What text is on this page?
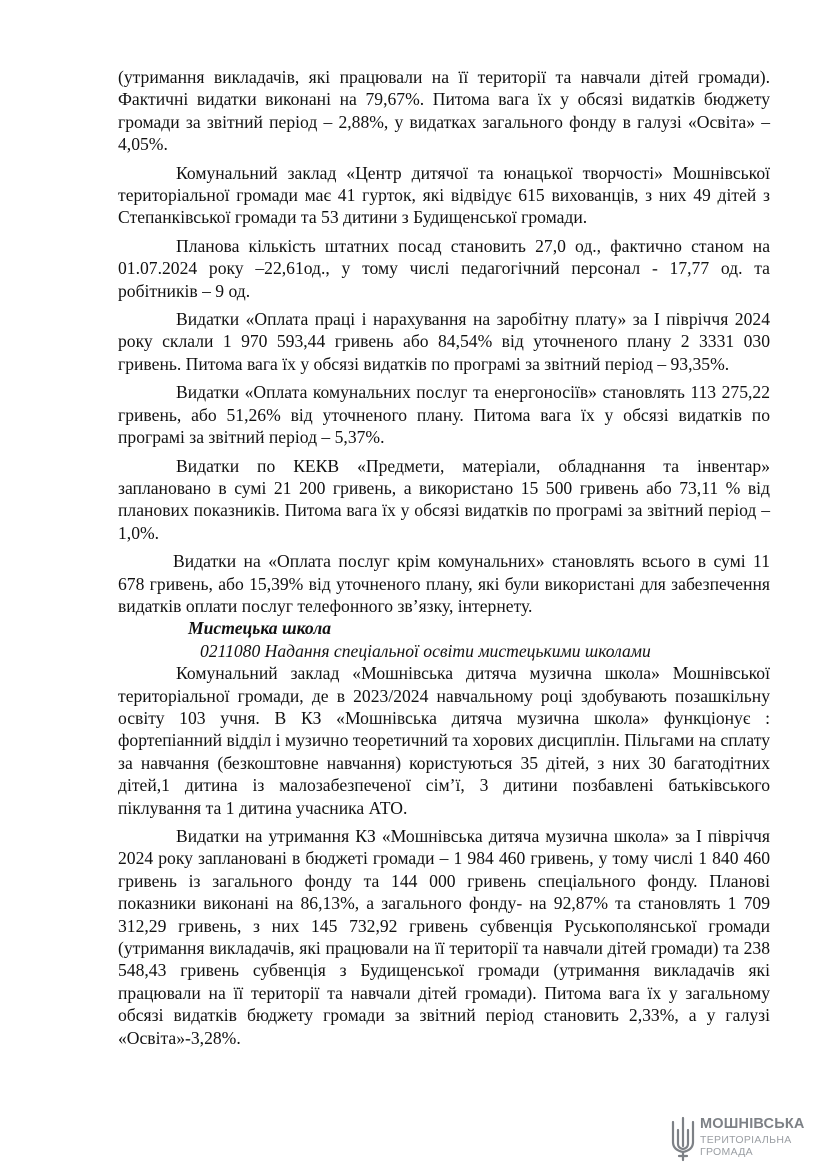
(утримання викладачів, які працювали на її території та навчали дітей громади). Фактичні видатки виконані на 79,67%. Питома вага їх у обсязі видатків бюджету громади за звітний період – 2,88%, у видатках загального фонду в галузі «Освіта» – 4,05%.

Комунальний заклад «Центр дитячої та юнацької творчості» Мошнівської територіальної громади має 41 гурток, які відвідує 615 вихованців, з них 49 дітей з Степанківської громади та 53 дитини з Будищенської громади.

Планова кількість штатних посад становить 27,0 од., фактично станом на 01.07.2024 року –22,61од., у тому числі педагогічний персонал - 17,77 од. та робітників – 9 од.

Видатки «Оплата праці і нарахування на заробітну плату» за І півріччя 2024 року склали 1 970 593,44 гривень або 84,54% від уточненого плану 2 3331 030 гривень. Питома вага їх у обсязі видатків по програмі за звітний період – 93,35%.

Видатки «Оплата комунальних послуг та енергоносіїв» становлять 113 275,22 гривень, або 51,26% від уточненого плану. Питома вага їх у обсязі видатків по програмі за звітний період – 5,37%.

Видатки по КЕКВ «Предмети, матеріали, обладнання та інвентар» заплановано в сумі 21 200 гривень, а використано 15 500 гривень або 73,11 % від планових показників. Питома вага їх у обсязі видатків по програмі за звітний період – 1,0%.

Видатки на «Оплата послуг крім комунальних» становлять всього в сумі 11 678 гривень, або 15,39% від уточненого плану, які були використані для забезпечення видатків оплати послуг телефонного зв’язку, інтернету.

Мистецька школа

0211080 Надання спеціальної освіти мистецькими школами

Комунальний заклад «Мошнівська дитяча музична школа» Мошнівської територіальної громади, де в 2023/2024 навчальному році здобувають позашкільну освіту 103 учня. В КЗ «Мошнівська дитяча музична школа» функціонує : фортепіанний відділ і музично теоретичний та хорових дисциплін. Пільгами на сплату за навчання (безкоштовне навчання) користуються 35 дітей, з них 30 багатодітних дітей,1 дитина із малозабезпеченої сім’ї, 3 дитини позбавлені батьківського піклування та 1 дитина учасника АТО.

Видатки на утримання КЗ «Мошнівська дитяча музична школа» за І півріччя 2024 року заплановані в бюджеті громади – 1 984 460 гривень, у тому числі 1 840 460 гривень із загального фонду та 144 000 гривень спеціального фонду. Планові показники виконані на 86,13%, а загального фонду- на 92,87% та становлять 1 709 312,29 гривень, з них 145 732,92 гривень субвенція Руськополянської громади (утримання викладачів, які працювали на її території та навчали дітей громади) та 238 548,43 гривень субвенція з Будищенської громади (утримання викладачів які працювали на її території та навчали дітей громади). Питома вага їх у загальному обсязі видатків бюджету громади за звітний період становить 2,33%, а у галузі «Освіта»-3,28%.

МОШНІВСЬКА
ТЕРИТОРІАЛЬНА
ГРОМАДА
